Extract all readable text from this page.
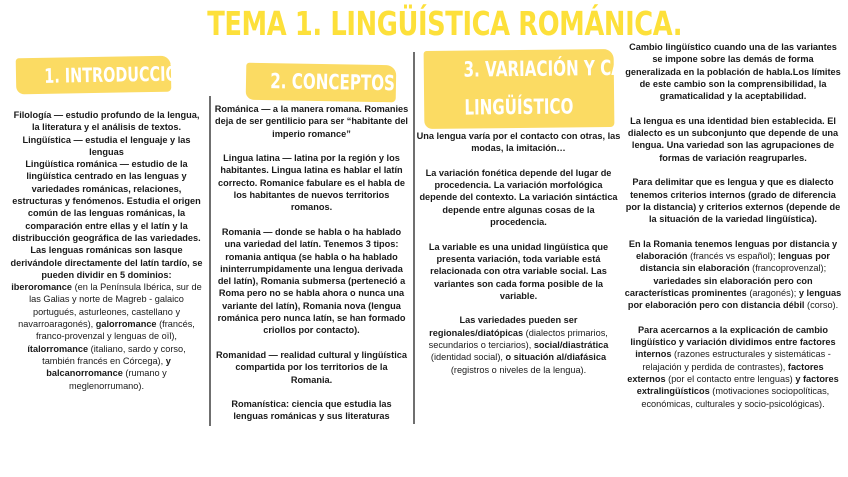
TEMA 1. LINGÜÍSTICA ROMÁNICA.
1. INTRODUCCIÓN
Filología — estudio profundo de la lengua, la literatura y el análisis de textos.
Lingüística — estudia el lenguaje y las lenguas
Lingüística románica — estudio de la lingüística centrado en las lenguas y variedades románicas, relaciones, estructuras y fenómenos. Estudia el origen común de las lenguas románicas, la comparación entre ellas y el latín y la distribucción geográfica de las variedades.
Las lenguas románicas son lasque derivándole directamente del latín tardío, se pueden dividir en 5 dominios:
iberoromance (en la Península Ibérica, sur de las Galias y norte de Magreb - galaico portugués, asturleones, castellano y navarroaragonés), galorromance (francés, franco-provenzal y lenguas de oïl), ítalorromance (italiano, sardo y corso, también francés en Córcega), y balcanorromance (rumano y meglenorrumano).
2. CONCEPTOS

Románica — a la manera romana. Romanies deja de ser gentilicio para ser “habitante del imperio romance”

Lingua latina — latina por la región y los habitantes. Lingua latina es hablar el latín correcto. Romanice fabulare es el habla de los habitantes de nuevos territorios romanos.

Romania — donde se habla o ha hablado una variedad del latín. Tenemos 3 tipos: romania antiqua (se habla o ha hablado ininterrumpidamente una lengua derivada del latín), Romania submersa (perteneció a Roma pero no se habla ahora o nunca una variante del latín), Romania nova (lengua románica pero nunca latín, se han formado criollos por contacto).

Romanidad — realidad cultural y lingüística compartida por los territorios de la Romania.

Romanística: ciencia que estudia las lenguas románicas y sus literaturas

3. VARIACIÓN Y CAMBIO
LINGÜÍSTICO

Una lengua varía por el contacto con otras, las modas, la imitación…

La variación fonética depende del lugar de procedencia. La variación morfológica depende del contexto. La variación sintáctica depende entre algunas cosas de la procedencia.

La variable es una unidad lingüística que presenta variación, toda variable está relacionada con otra variable social. Las variantes son cada forma posible de la variable.

Las variedades pueden ser regionales/diatópicas (dialectos primarios, secundarios o terciarios), social/diastrática (identidad social), o situación al/diafásica (registros o niveles de la lengua).

Cambio lingüístico cuando una de las variantes se impone sobre las demás de forma generalizada en la población de habla.Los límites de este cambio son la comprensibilidad, la gramaticalidad y la aceptabilidad.

La lengua es una identidad bien establecida. El dialecto es un subconjunto que depende de una lengua. Una variedad son las agrupaciones de formas de variación reagruparles.

Para delimitar que es lengua y que es dialecto tenemos criterios internos (grado de diferencia por la distancia) y criterios externos (depende de la situación de la variedad lingüística).

En la Romania tenemos lenguas por distancia y elaboración (francés vs español); lenguas por distancia sin elaboración (francoprovenzal); variedades sin elaboración pero con características prominentes (aragonés); y lenguas por elaboración pero con distancia débil (corso).

Para acercarnos a la explicación de cambio lingüístico y variación dividimos entre factores internos (razones estructurales y sistemáticas - relajación y perdida de contrastes), factores externos (por el contacto entre lenguas) y factores extralingüísticos (motivaciones sociopolíticas, económicas, culturales y socio-psicológicas).
